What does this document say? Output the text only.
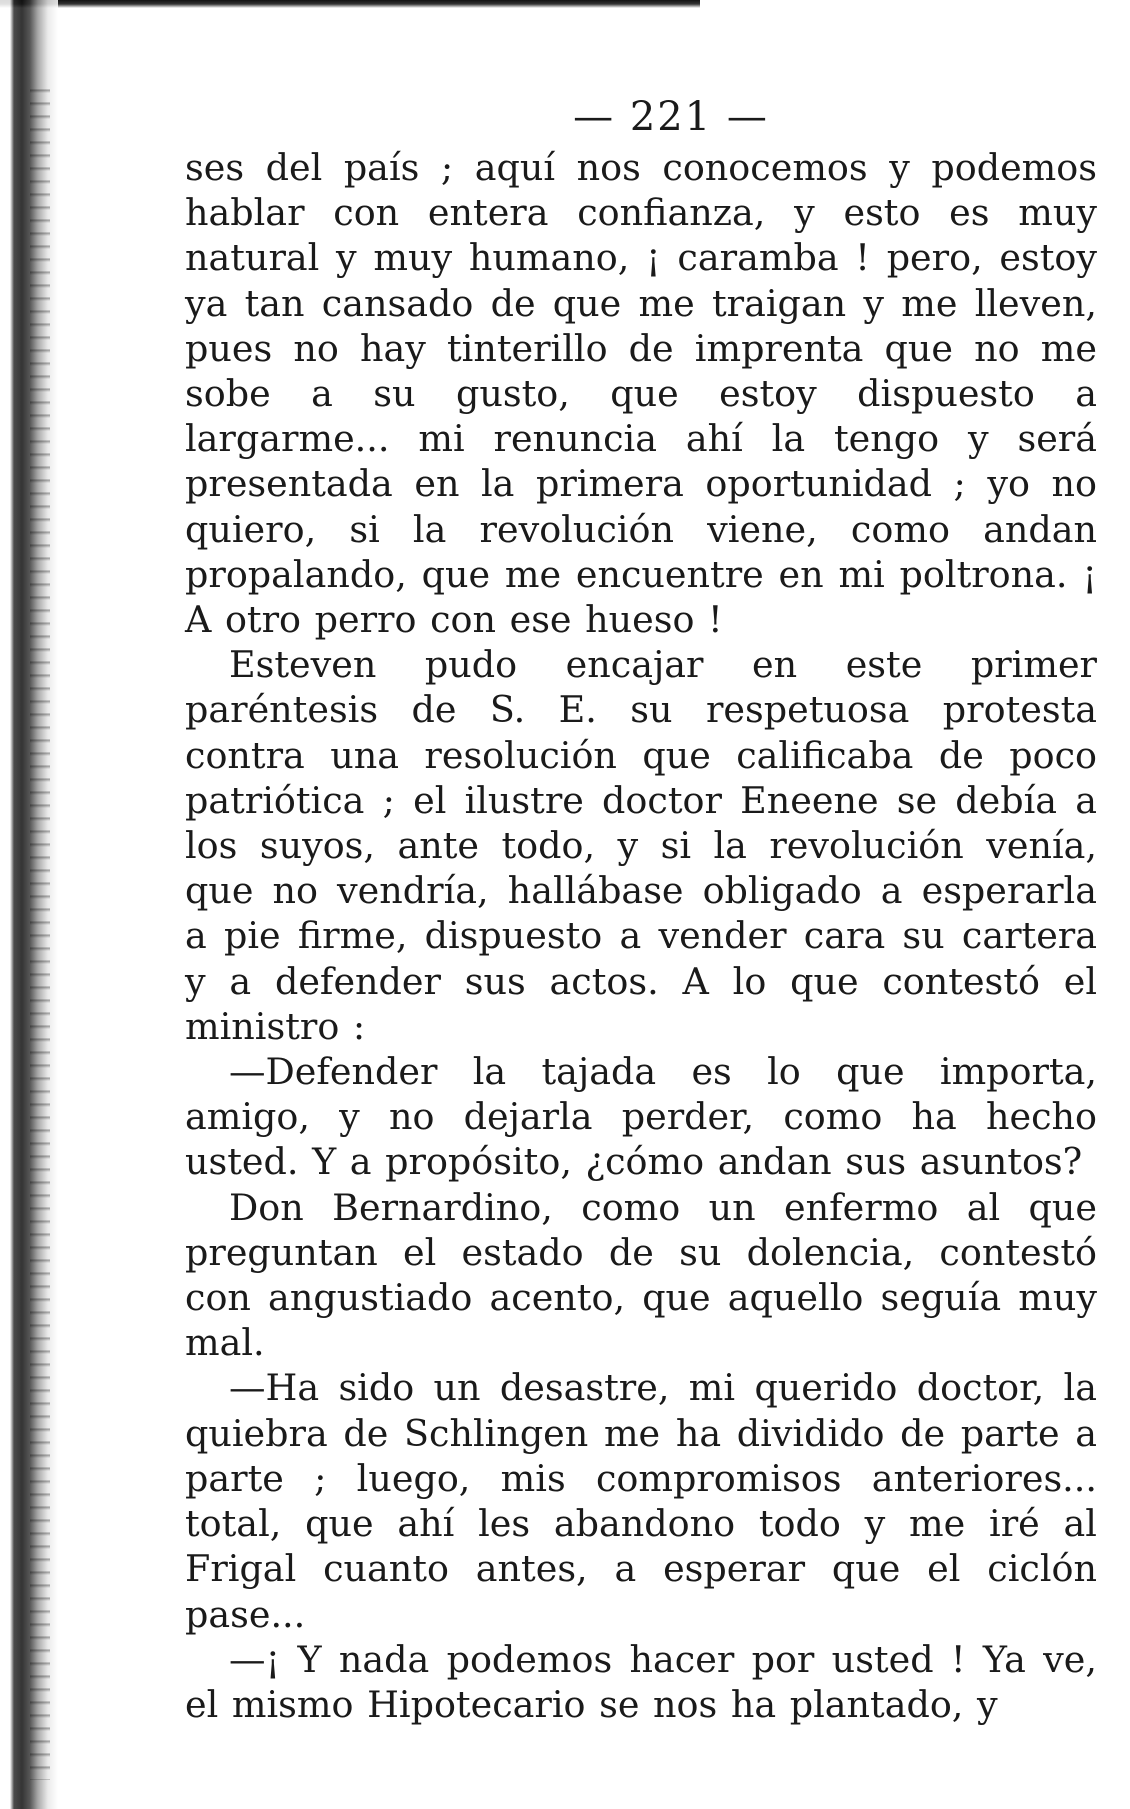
— 221 —

ses del país ; aquí nos conocemos y podemos hablar con entera confianza, y esto es muy natural y muy humano, ¡ caramba ! pero, estoy ya tan cansado de que me traigan y me lleven, pues no hay tinterillo de imprenta que no me sobe a su gusto, que estoy dispuesto a largarme... mi renuncia ahí la tengo y será presentada en la primera oportunidad ; yo no quiero, si la revolución viene, como andan propalando, que me encuentre en mi poltrona. ¡ A otro perro con ese hueso !

Esteven pudo encajar en este primer paréntesis de S. E. su respetuosa protesta contra una resolución que calificaba de poco patriótica ; el ilustre doctor Eneene se debía a los suyos, ante todo, y si la revolución venía, que no vendría, hallábase obligado a esperarla a pie firme, dispuesto a vender cara su cartera y a defender sus actos. A lo que contestó el ministro :

—Defender la tajada es lo que importa, amigo, y no dejarla perder, como ha hecho usted. Y a propósito, ¿cómo andan sus asuntos?

Don Bernardino, como un enfermo al que preguntan el estado de su dolencia, contestó con angustiado acento, que aquello seguía muy mal.

—Ha sido un desastre, mi querido doctor, la quiebra de Schlingen me ha dividido de parte a parte ; luego, mis compromisos anteriores... total, que ahí les abandono todo y me iré al Frigal cuanto antes, a esperar que el ciclón pase...

—¡ Y nada podemos hacer por usted ! Ya ve, el mismo Hipotecario se nos ha plantado, y
